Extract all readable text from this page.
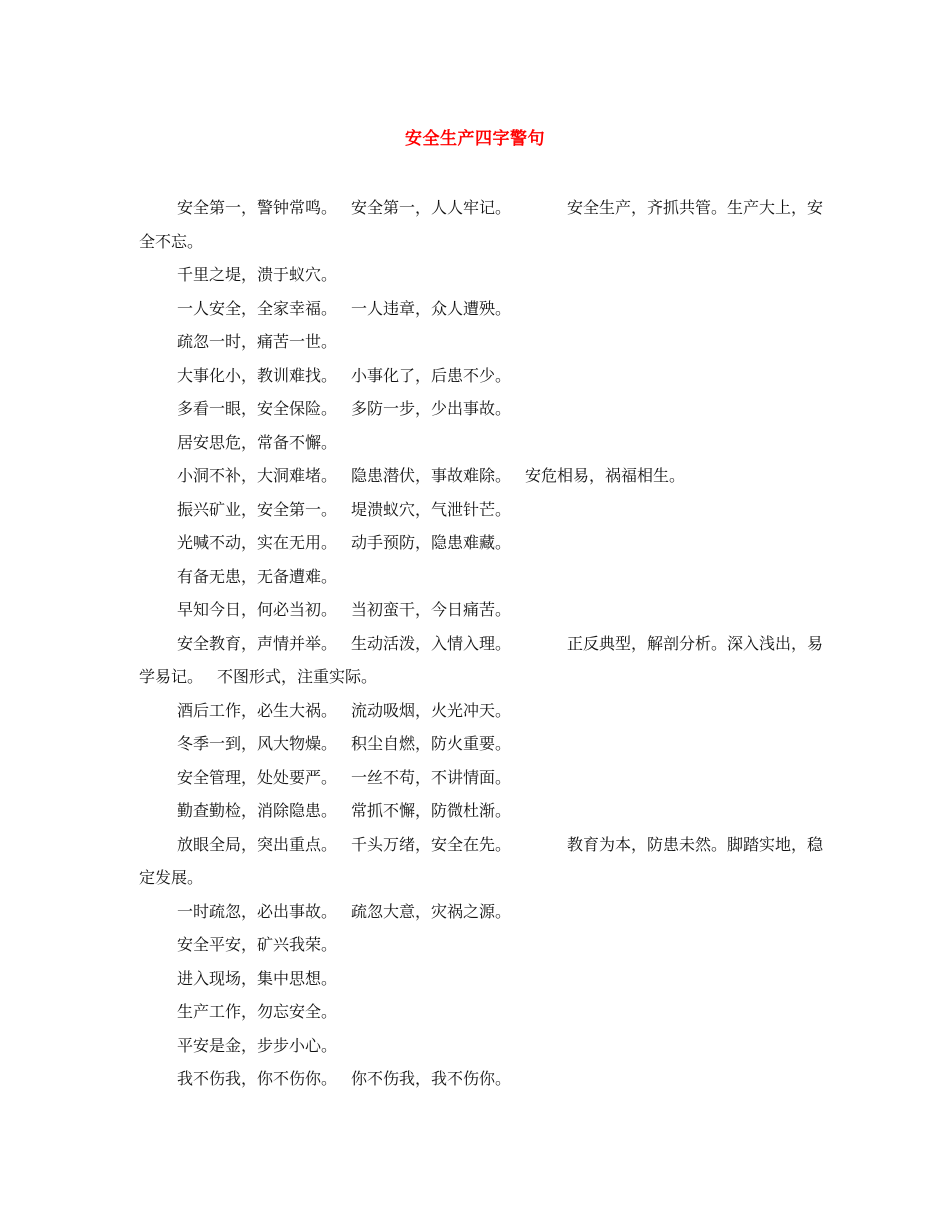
安全生产四字警句

安全第一，警钟常鸣。 安全第一，人人牢记。	安全生产，齐抓共管。生产大上，安全不忘。

千里之堤，溃于蚁穴。

一人安全，全家幸福。 一人违章，众人遭殃。

疏忽一时，痛苦一世。

大事化小，教训难找。 小事化了，后患不少。

多看一眼，安全保险。 多防一步，少出事故。

居安思危，常备不懈。

小洞不补，大洞难堵。 隐患潜伏，事故难除。 安危相易，祸福相生。

振兴矿业，安全第一。 堤溃蚁穴，气泄针芒。

光喊不动，实在无用。 动手预防，隐患难藏。

有备无患，无备遭难。

早知今日，何必当初。 当初蛮干，今日痛苦。

安全教育，声情并举。 生动活泼，入情入理。	正反典型，解剖分析。深入浅出，易学易记。 不图形式，注重实际。

酒后工作，必生大祸。 流动吸烟，火光冲天。

冬季一到，风大物燥。 积尘自燃，防火重要。

安全管理，处处要严。 一丝不苟，不讲情面。

勤查勤检，消除隐患。 常抓不懈，防微杜渐。

放眼全局，突出重点。 千头万绪，安全在先。	教育为本，防患未然。脚踏实地，稳定发展。

一时疏忽，必出事故。 疏忽大意，灾祸之源。

安全平安，矿兴我荣。

进入现场，集中思想。

生产工作，勿忘安全。

平安是金，步步小心。

我不伤我，你不伤你。 你不伤我，我不伤你。
